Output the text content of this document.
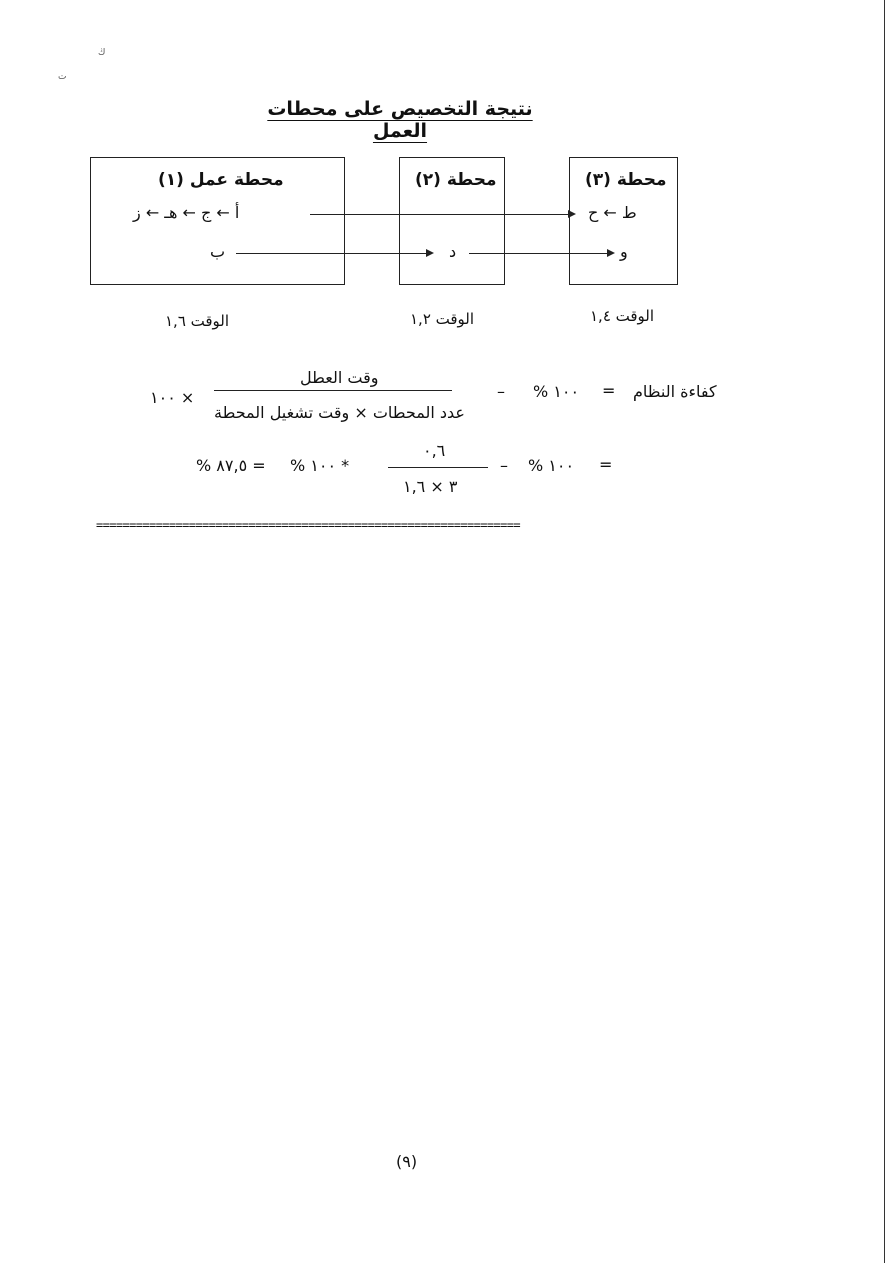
نتيجة التخصيص على محطات العمل
محطة عمل (١)	محطة (٢)	محطة (٣)
أ ← ج ← هـ ← ز	ط ← ح
ب	د	و
الوقت ١,٦	الوقت ١,٢	الوقت ١,٤
كفاءة النظام
=
١٠٠ %
–
وقت العطل
عدد المحطات × وقت تشغيل المحطة
× ١٠٠
=
١٠٠ %
–
٠,٦
٣ × ١,٦
* ١٠٠ %
= ٨٧,٥ %
================================================================
(٩)
ڬ
ت
